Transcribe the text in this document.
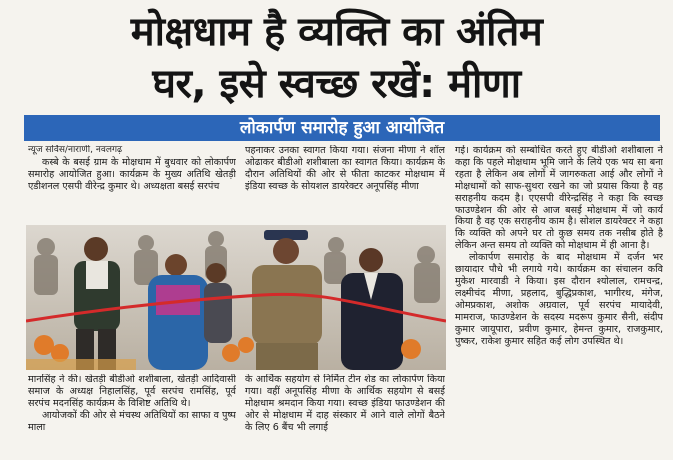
मोक्षधाम है व्यक्ति का अंतिम
घर, इसे स्वच्छ रखें: मीणा
लोकार्पण समारोह हुआ आयोजित

न्यूज सर्विस/नाराणी, नवलगढ़

कस्बे के बसई ग्राम के मोक्षधाम में बुधवार को लोकार्पण समारोह आयोजित हुआ। कार्यक्रम के मुख्य अतिथि खेतड़ी एडीशनल एसपी वीरेन्द्र कुमार थे। अध्यक्षता बसई सरपंच

पहनाकर उनका स्वागत किया गया। संजना मीणा ने शॉल ओढाकर बीडीओ शशीबाला का स्वागत किया। कार्यक्रम के दौरान अतिथियों की ओर से फीता काटकर मोक्षधाम में इंडिया स्वच्छ के सोयशल डायरेक्टर अनूपसिंह मीणा

गई। कार्यक्रम को सम्बोधित करते हुए बीडीओ शशीबाला ने कहा कि पहले मोक्षधाम भूमि जाने के लिये एक भय सा बना रहता है लेकिन अब लोगों में जागरुकता आई और लोगों ने मोक्षधामों को साफ-सुथरा रखने का जो प्रयास किया है वह सराहनीय कदम है। एएसपी वीरेन्द्रसिंह ने कहा कि स्वच्छ फाउण्डेशन की ओर से आज बसई मोक्षधाम में जो कार्य किया है वह एक सराहनीय काम है। सोशल डायरेक्टर ने कहा कि व्यक्ति को अपने घर तो कुछ समय तक नसीब होते है लेकिन अन्त समय तो व्यक्ति को मोक्षधाम में ही आना है।

लोकार्पण समारोह के बाद मोक्षधाम में दर्जन भर छायादार पौधे भी लगाये गये। कार्यक्रम का संचालन कवि मुकेश मारवाडी ने किया। इस दौरान श्योलाल, रामचन्द्र, लक्ष्मीचंद मीणा, प्रहलाद, बुद्धिप्रकाश, भागीरथ, मंगेज, ओमप्रकाश, अशोक अग्रवाल, पूर्व सरपंच मायादेवी, मामराज, फाउण्डेशन के सदस्य मदरूप कुमार सैनी, संदीप कुमार जायूपारा, प्रवीण कुमार, हेमन्त कुमार, राजकुमार, पुष्कर, राकेश कुमार सहित कई लोग उपस्थित थे।

मानसिंह ने की। खेतड़ी बीडीओ शशीबाला, खेतड़ी आदिवासी समाज के अध्यक्ष निहालसिंह, पूर्व सरपंच रामसिंह, पूर्व सरपंच मदनसिंह कार्यक्रम के विशिष्ट अतिथि थे।

आयोजकों की ओर से मंचस्थ अतिथियों का साफा व पुष्प माला

के आर्थिक सहयोग से निर्मित टीन शेड का लोकार्पण किया गया। वहीं अनूपसिंह मीणा के आर्थिक सहयोग से बसई मोक्षधाम श्रमदान किया गया। स्वच्छ इंडिया फाउण्डेशन की ओर से मोक्षधाम में दाह संस्कार में आने वाले लोगों बैठने के लिए 6 बैंच भी लगाई
